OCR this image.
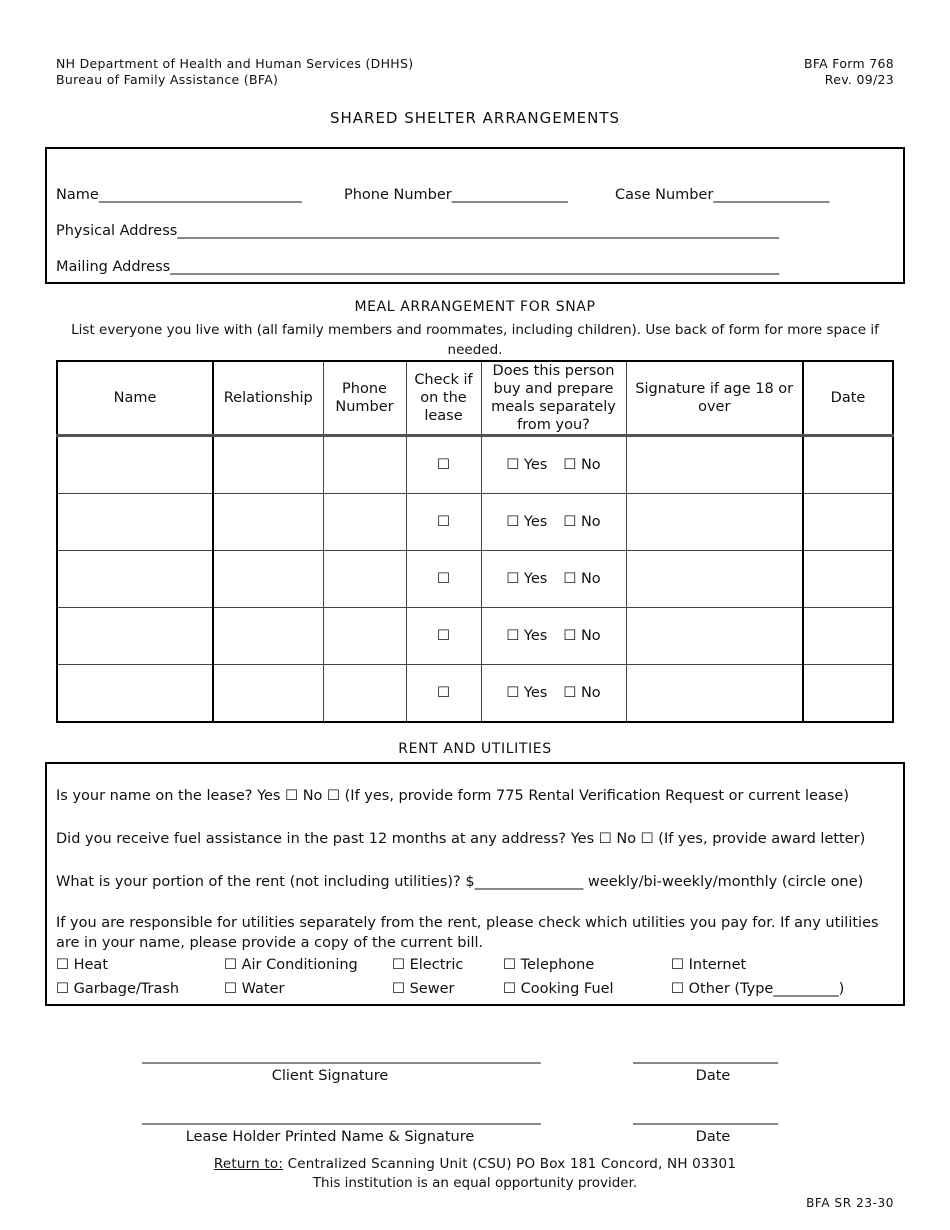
NH Department of Health and Human Services (DHHS)
Bureau of Family Assistance (BFA)
BFA Form 768
Rev. 09/23
SHARED SHELTER ARRANGEMENTS
Name____________________________	Phone Number________________	Case Number________________
Physical Address___________________________________________________________________________________
Mailing Address____________________________________________________________________________________
MEAL ARRANGEMENT FOR SNAP
List everyone you live with (all family members and roommates, including children). Use back of form for more space if needed.
Name	Relationship	Phone Number	Check if on the lease	Does this person buy and prepare meals separately from you?	Signature if age 18 or over	Date
			☐	☐ Yes ☐ No		
			☐	☐ Yes ☐ No		
			☐	☐ Yes ☐ No		
			☐	☐ Yes ☐ No		
			☐	☐ Yes ☐ No		
RENT AND UTILITIES
Is your name on the lease? Yes ☐ No ☐ (If yes, provide form 775 Rental Verification Request or current lease)
Did you receive fuel assistance in the past 12 months at any address? Yes ☐ No ☐ (If yes, provide award letter)
What is your portion of the rent (not including utilities)? $_______________ weekly/bi-weekly/monthly (circle one)
If you are responsible for utilities separately from the rent, please check which utilities you pay for. If any utilities
are in your name, please provide a copy of the current bill.
☐ Heat	☐ Air Conditioning ☐ Electric	☐ Telephone	☐ Internet
☐ Garbage/Trash	☐ Water	☐ Sewer	☐ Cooking Fuel	☐ Other (Type_________)
_______________________________________________________	____________________
Client Signature	Date
_______________________________________________________	____________________
Lease Holder Printed Name & Signature	Date
Return to: Centralized Scanning Unit (CSU) PO Box 181 Concord, NH 03301
This institution is an equal opportunity provider.
BFA SR 23-30
